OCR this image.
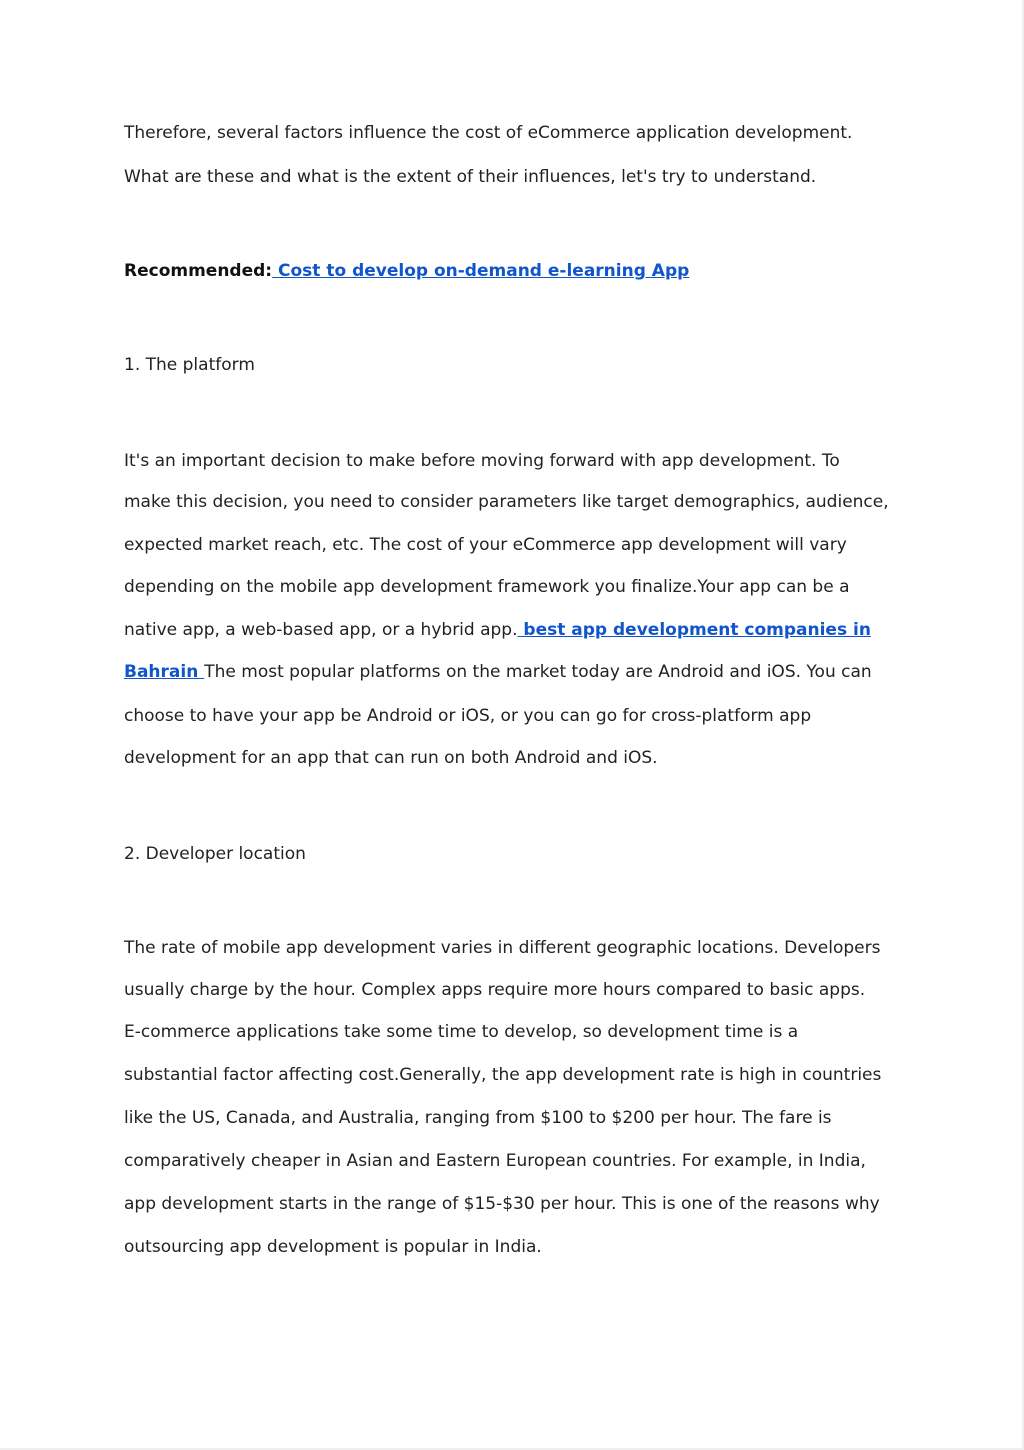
Therefore, several factors influence the cost of eCommerce application development.
What are these and what is the extent of their influences, let's try to understand.
Recommended: Cost to develop on-demand e-learning App
1. The platform
It's an important decision to make before moving forward with app development. To
make this decision, you need to consider parameters like target demographics, audience,
expected market reach, etc. The cost of your eCommerce app development will vary
depending on the mobile app development framework you finalize.Your app can be a
native app, a web-based app, or a hybrid app. best app development companies in
Bahrain The most popular platforms on the market today are Android and iOS. You can
choose to have your app be Android or iOS, or you can go for cross-platform app
development for an app that can run on both Android and iOS.
2. Developer location
The rate of mobile app development varies in different geographic locations. Developers
usually charge by the hour. Complex apps require more hours compared to basic apps.
E-commerce applications take some time to develop, so development time is a
substantial factor affecting cost.Generally, the app development rate is high in countries
like the US, Canada, and Australia, ranging from $100 to $200 per hour. The fare is
comparatively cheaper in Asian and Eastern European countries. For example, in India,
app development starts in the range of $15-$30 per hour. This is one of the reasons why
outsourcing app development is popular in India.
